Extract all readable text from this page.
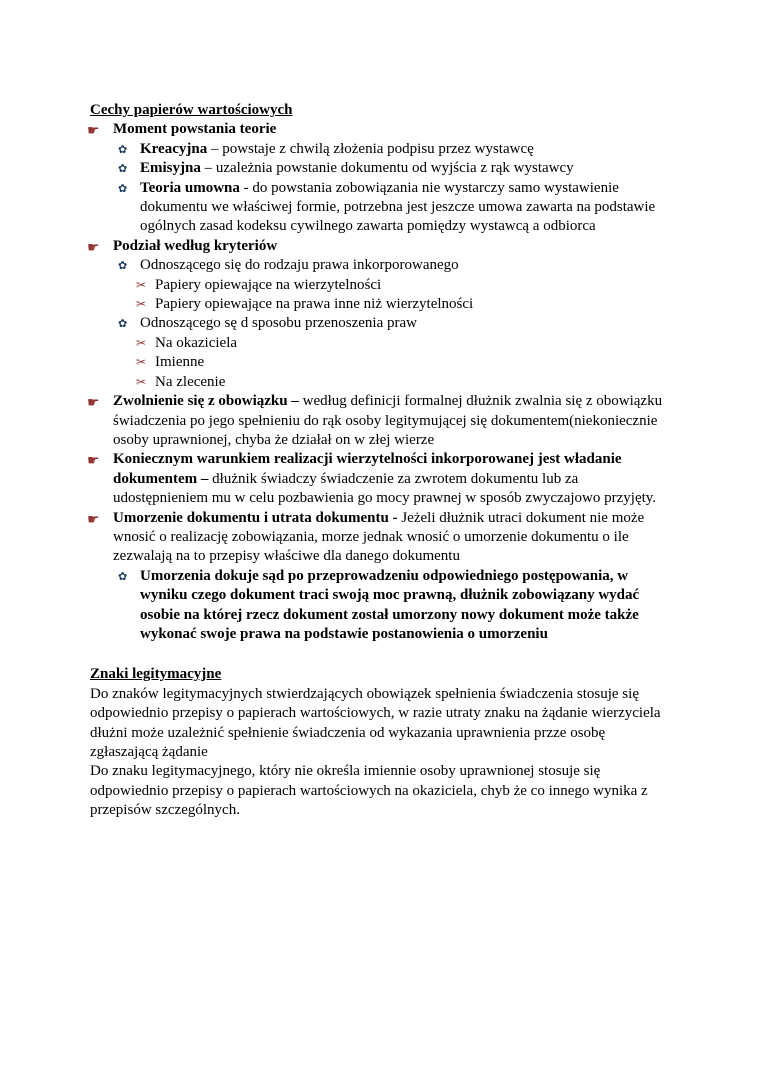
Cechy papierów wartościowych
☛ Moment powstania teorie
✿ Kreacyjna – powstaje z chwilą złożenia podpisu przez wystawcę
✿ Emisyjna – uzależnia powstanie dokumentu od wyjścia z rąk wystawcy
✿ Teoria umowna - do powstania zobowiązania nie wystarczy samo wystawienie dokumentu we właściwej formie, potrzebna jest jeszcze umowa zawarta na podstawie ogólnych zasad kodeksu cywilnego zawarta pomiędzy wystawcą a odbiorca
☛ Podział według kryteriów
✿ Odnoszącego się do rodzaju prawa inkorporowanego
✂ Papiery opiewające na wierzytelności
✂ Papiery opiewające na prawa inne niż wierzytelności
✿ Odnoszącego sę d sposobu przenoszenia praw
✂ Na okaziciela
✂ Imienne
✂ Na zlecenie
☛ Zwolnienie się z obowiązku – według definicji formalnej dłużnik zwalnia się z obowiązku świadczenia po jego spełnieniu do rąk osoby legitymującej się dokumentem(niekoniecznie osoby uprawnionej, chyba że działał on w złej wierze
☛ Koniecznym warunkiem realizacji wierzytelności inkorporowanej jest władanie dokumentem – dłużnik świadczy świadczenie za zwrotem dokumentu lub za udostępnieniem mu w celu pozbawienia go mocy prawnej w sposób zwyczajowo przyjęty.
☛ Umorzenie dokumentu i utrata dokumentu - Jeżeli dłużnik utraci dokument nie może wnosić o realizację zobowiązania, morze jednak wnosić o umorzenie dokumentu o ile zezwalają na to przepisy właściwe dla danego dokumentu
✿ Umorzenia dokuje sąd po przeprowadzeniu odpowiedniego postępowania, w wyniku czego dokument traci swoją moc prawną, dłużnik zobowiązany wydać osobie na której rzecz dokument został umorzony nowy dokument może także wykonać swoje prawa na podstawie postanowienia o umorzeniu
Znaki legitymacyjne

Do znaków legitymacyjnych stwierdzających obowiązek spełnienia świadczenia stosuje się odpowiednio przepisy o papierach wartościowych, w razie utraty znaku na żądanie wierzyciela dłużni może uzależnić spełnienie świadczenia od wykazania uprawnienia przze osobę zgłaszającą żądanie

Do znaku legitymacyjnego, który nie określa imiennie osoby uprawnionej stosuje się odpowiednio przepisy o papierach wartościowych na okaziciela, chyb że co innego wynika z przepisów szczególnych.
